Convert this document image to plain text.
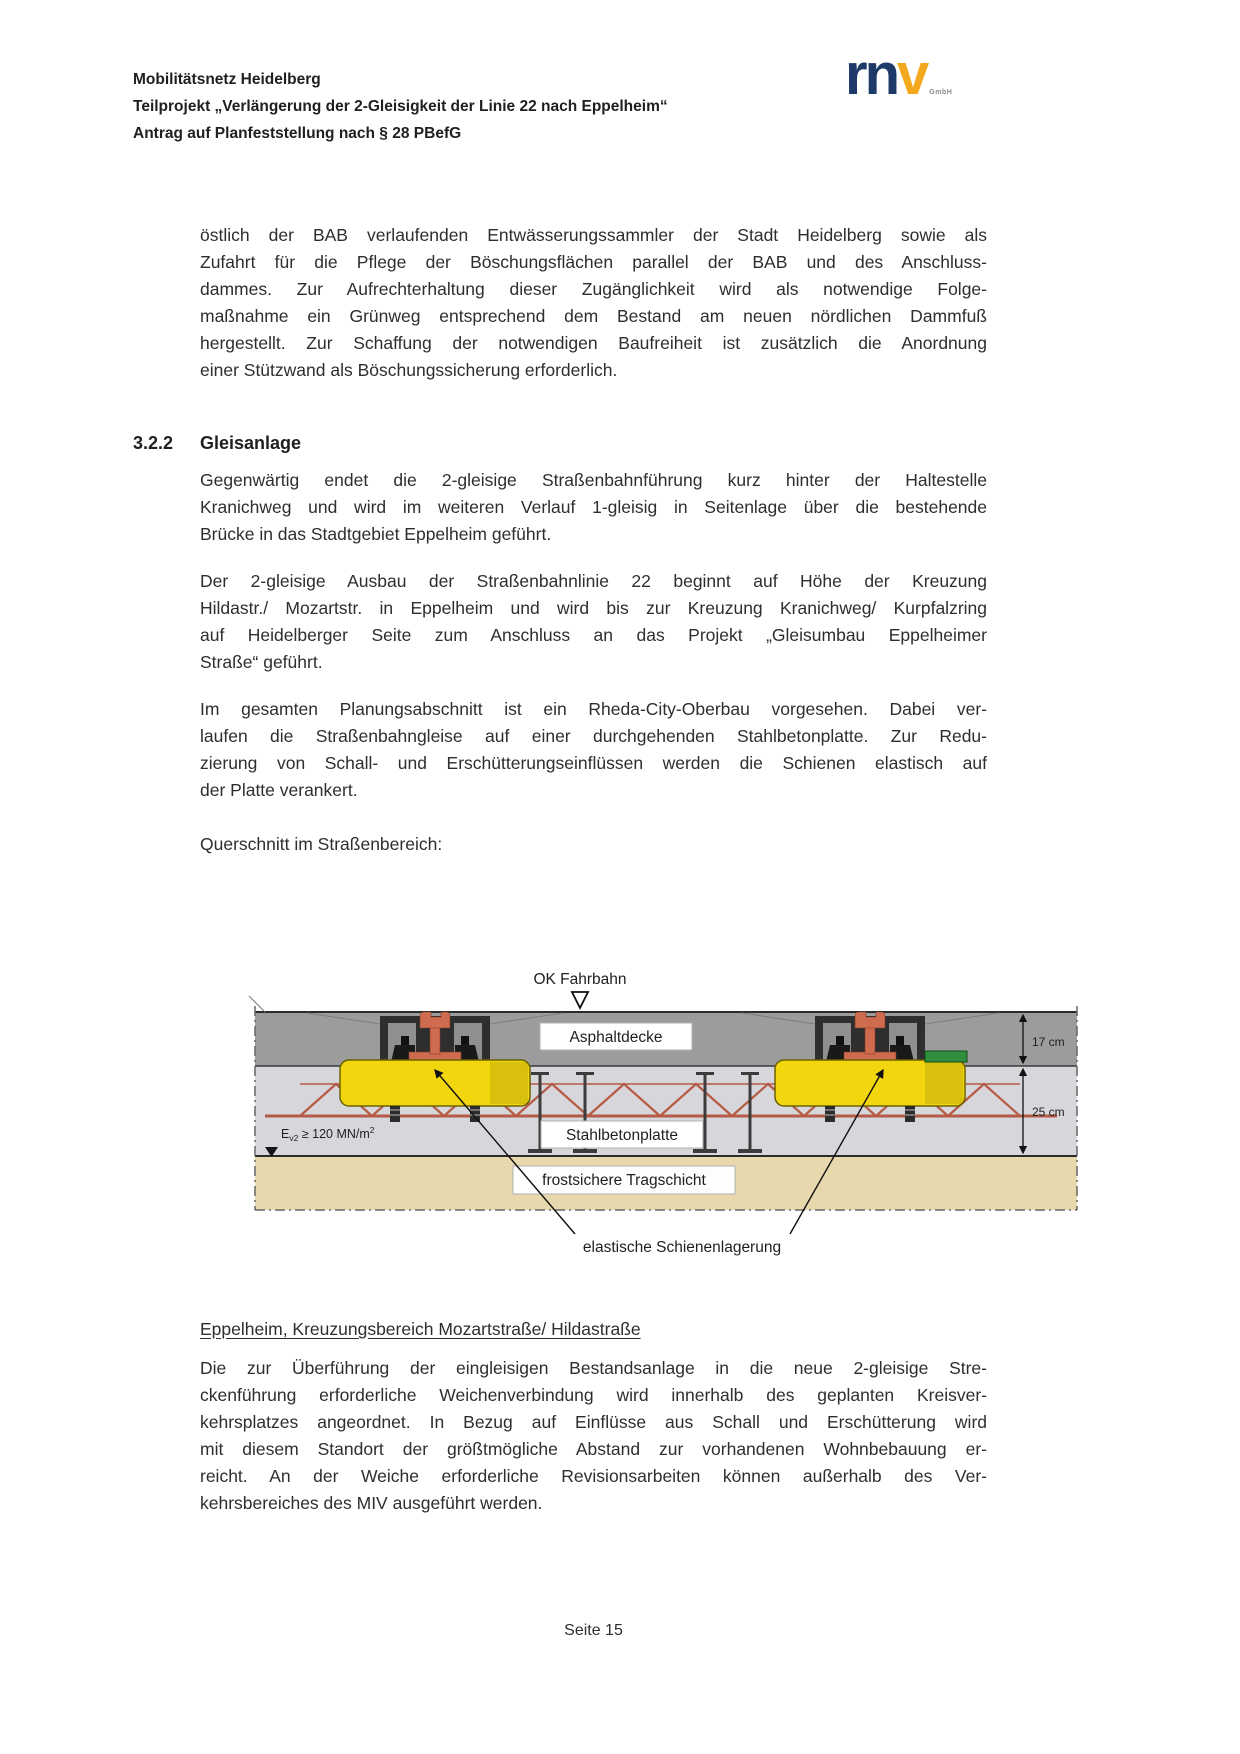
Mobilitätsnetz Heidelberg
Teilprojekt „Verlängerung der 2-Gleisigkeit der Linie 22 nach Eppelheim“
Antrag auf Planfeststellung nach § 28 PBefG
rnv GmbH
östlich der BAB verlaufenden Entwässerungssammler der Stadt Heidelberg sowie als
Zufahrt für die Pflege der Böschungsflächen parallel der BAB und des Anschluss-
dammes. Zur Aufrechterhaltung dieser Zugänglichkeit wird als notwendige Folge-
maßnahme ein Grünweg entsprechend dem Bestand am neuen nördlichen Dammfuß
hergestellt. Zur Schaffung der notwendigen Baufreiheit ist zusätzlich die Anordnung
einer Stützwand als Böschungssicherung erforderlich.
3.2.2 Gleisanlage
Gegenwärtig endet die 2-gleisige Straßenbahnführung kurz hinter der Haltestelle
Kranichweg und wird im weiteren Verlauf 1-gleisig in Seitenlage über die bestehende
Brücke in das Stadtgebiet Eppelheim geführt.
Der 2-gleisige Ausbau der Straßenbahnlinie 22 beginnt auf Höhe der Kreuzung
Hildastr./ Mozartstr. in Eppelheim und wird bis zur Kreuzung Kranichweg/ Kurpfalzring
auf Heidelberger Seite zum Anschluss an das Projekt „Gleisumbau Eppelheimer
Straße“ geführt.
Im gesamten Planungsabschnitt ist ein Rheda-City-Oberbau vorgesehen. Dabei ver-
laufen die Straßenbahngleise auf einer durchgehenden Stahlbetonplatte. Zur Redu-
zierung von Schall- und Erschütterungseinflüssen werden die Schienen elastisch auf
der Platte verankert.
Querschnitt im Straßenbereich:
OK Fahrbahn
Asphaltdecke
Stahlbetonplatte
frostsichere Tragschicht
$E_{v2} \ge 120$ $MN/m^2$
17 cm
25 cm
elastische Schienenlagerung
Eppelheim, Kreuzungsbereich Mozartstraße/ Hildastraße
Die zur Überführung der eingleisigen Bestandsanlage in die neue 2-gleisige Stre-
ckenführung erforderliche Weichenverbindung wird innerhalb des geplanten Kreisver-
kehrsplatzes angeordnet. In Bezug auf Einflüsse aus Schall und Erschütterung wird
mit diesem Standort der größtmögliche Abstand zur vorhandenen Wohnbebauung er-
reicht. An der Weiche erforderliche Revisionsarbeiten können außerhalb des Ver-
kehrsbereiches des MIV ausgeführt werden.
Seite 15
